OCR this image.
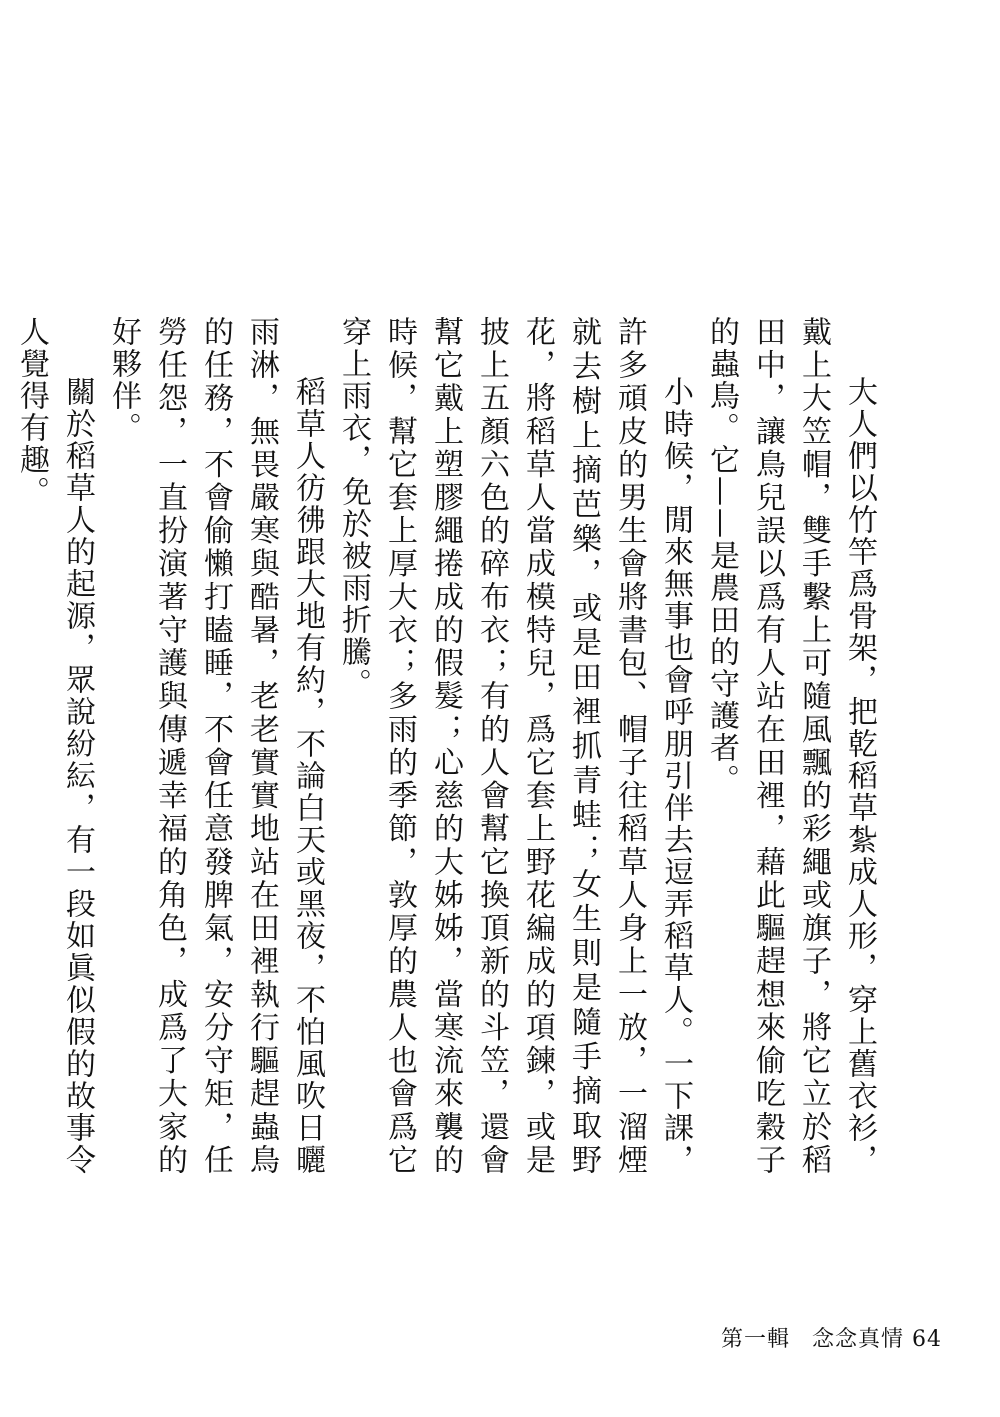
大人們以竹竿爲骨架，把乾稻草紮成人形，穿上舊衣衫，戴上大笠帽，雙手繫上可隨風飄的彩繩或旗子，將它立於稻田中，讓鳥兒誤以爲有人站在田裡，藉此驅趕想來偷吃穀子的蟲鳥。它——是農田的守護者。

小時候，閒來無事也會呼朋引伴去逗弄稻草人。一下課，許多頑皮的男生會將書包、帽子往稻草人身上一放，一溜煙就去樹上摘芭樂，或是田裡抓青蛙；女生則是隨手摘取野花，將稻草人當成模特兒，爲它套上野花編成的項鍊，或是披上五顏六色的碎布衣；有的人會幫它換頂新的斗笠，還會幫它戴上塑膠繩捲成的假髮；心慈的大姊姊，當寒流來襲的時候，幫它套上厚大衣；多雨的季節，敦厚的農人也會爲它穿上雨衣，免於被雨折騰。

稻草人彷彿跟大地有約，不論白天或黑夜，不怕風吹日曬雨淋，無畏嚴寒與酷暑，老老實實地站在田裡執行驅趕蟲鳥的任務，不會偷懶打瞌睡，不會任意發脾氣，安分守矩，任勞任怨，一直扮演著守護與傳遞幸福的角色，成爲了大家的好夥伴。

關於稻草人的起源，眾說紛紜，有一段如眞似假的故事令人覺得有趣。

第一輯 念念真情 64
